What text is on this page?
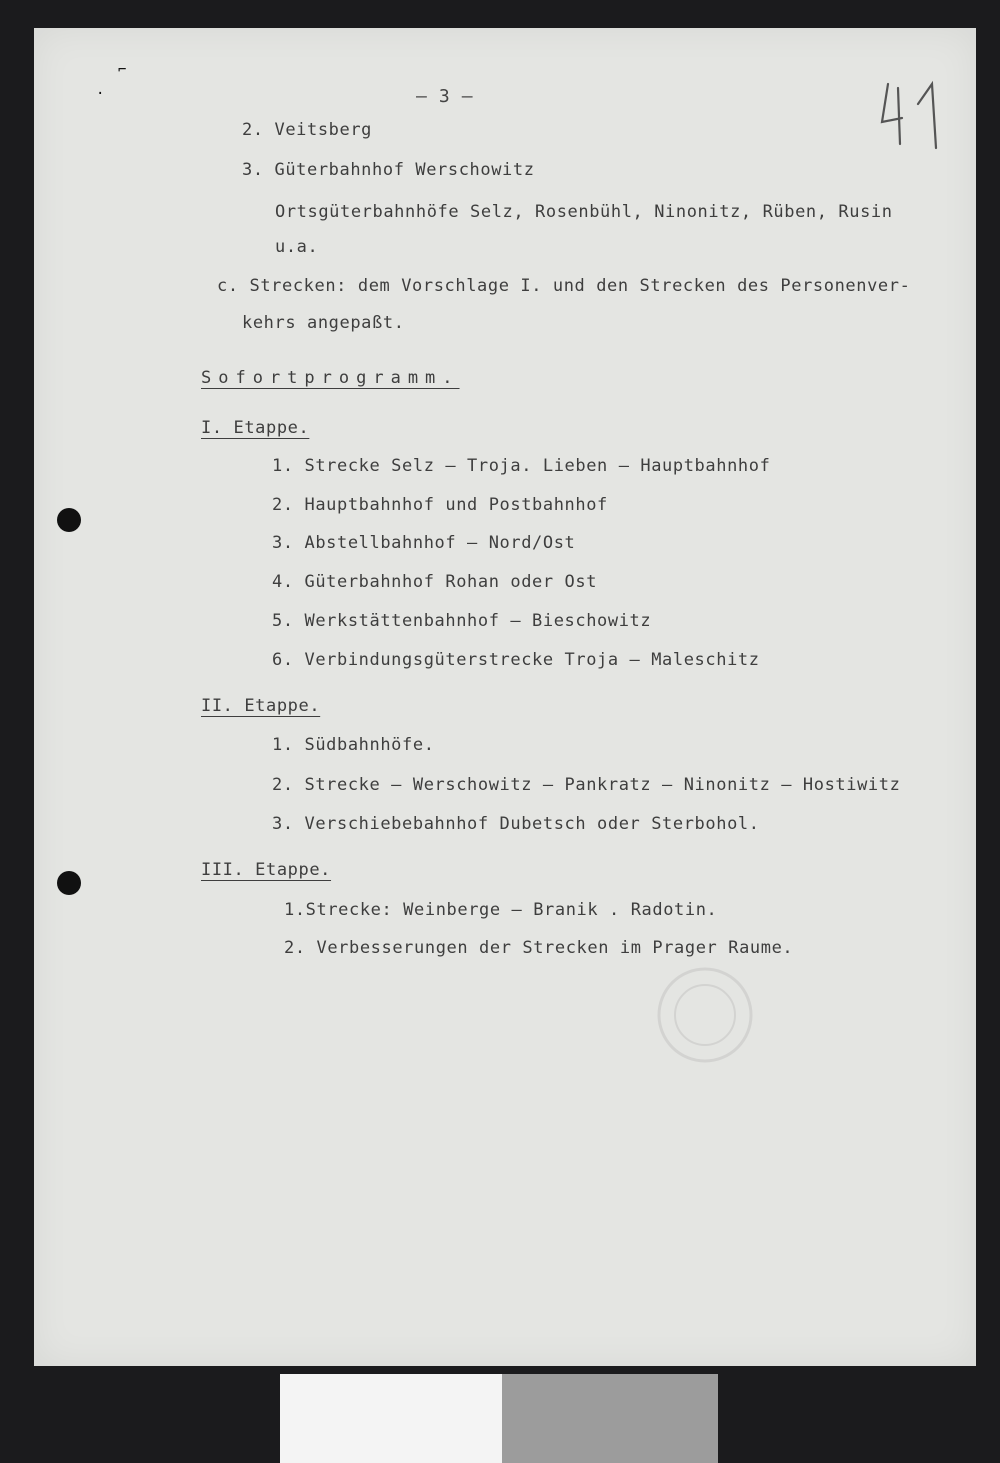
⌐
·	– 3 –
2. Veitsberg
3. Güterbahnhof Werschowitz
Ortsgüterbahnhöfe Selz, Rosenbühl, Ninonitz, Rüben, Rusin
u.a.
c. Strecken: dem Vorschlage I. und den Strecken des Personenver-
kehrs angepaßt.
Sofortprogramm.
I. Etappe.
1. Strecke Selz – Troja. Lieben – Hauptbahnhof
2. Hauptbahnhof und Postbahnhof
3. Abstellbahnhof – Nord/Ost
4. Güterbahnhof Rohan oder Ost
5. Werkstättenbahnhof – Bieschowitz
6. Verbindungsgüterstrecke Troja – Maleschitz
II. Etappe.
1. Südbahnhöfe.
2. Strecke – Werschowitz – Pankratz – Ninonitz – Hostiwitz
3. Verschiebebahnhof Dubetsch oder Sterbohol.
III. Etappe.
1.Strecke: Weinberge – Branik . Radotin.
2. Verbesserungen der Strecken im Prager Raume.
